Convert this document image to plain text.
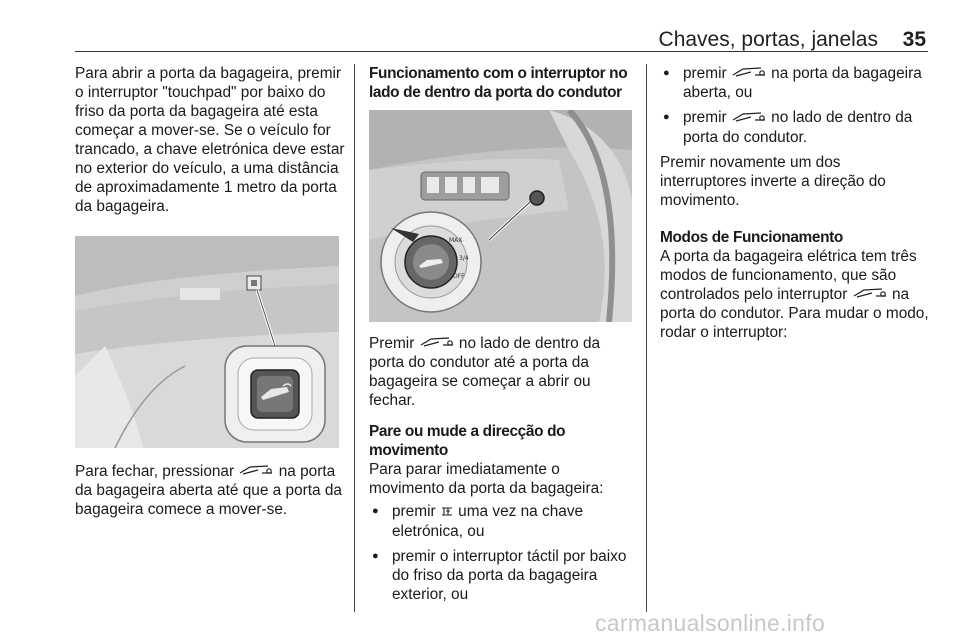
Chaves, portas, janelas 35

Para abrir a porta da bagageira, premir o interruptor "touchpad" por baixo do friso da porta da bagageira até esta começar a mover-se. Se o veículo for trancado, a chave eletrónica deve estar no exterior do veículo, a uma distância de aproximadamente 1 metro da porta da bagageira.

Para fechar, pressionar	na porta da bagageira aberta até que a porta da bagageira comece a mover-se.

Funcionamento com o interruptor no lado de dentro da porta do condutor

MAX
3/4
OFF

Premir	no lado de dentro da porta do condutor até a porta da bagageira se começar a abrir ou fechar.

Pare ou mude a direcção do movimento

Para parar imediatamente o movimento da porta da bagageira:

● premir uma vez na chave eletrónica, ou
● premir o interruptor táctil por baixo do friso da porta da bagageira exterior, ou
● premir	na porta da bagageira aberta, ou
● premir	no lado de dentro da porta do condutor.

Premir novamente um dos interruptores inverte a direção do movimento.

Modos de Funcionamento

A porta da bagageira elétrica tem três modos de funcionamento, que são controlados pelo interruptor	na porta do condutor. Para mudar o modo, rodar o interruptor:

carmanualsonline.info
